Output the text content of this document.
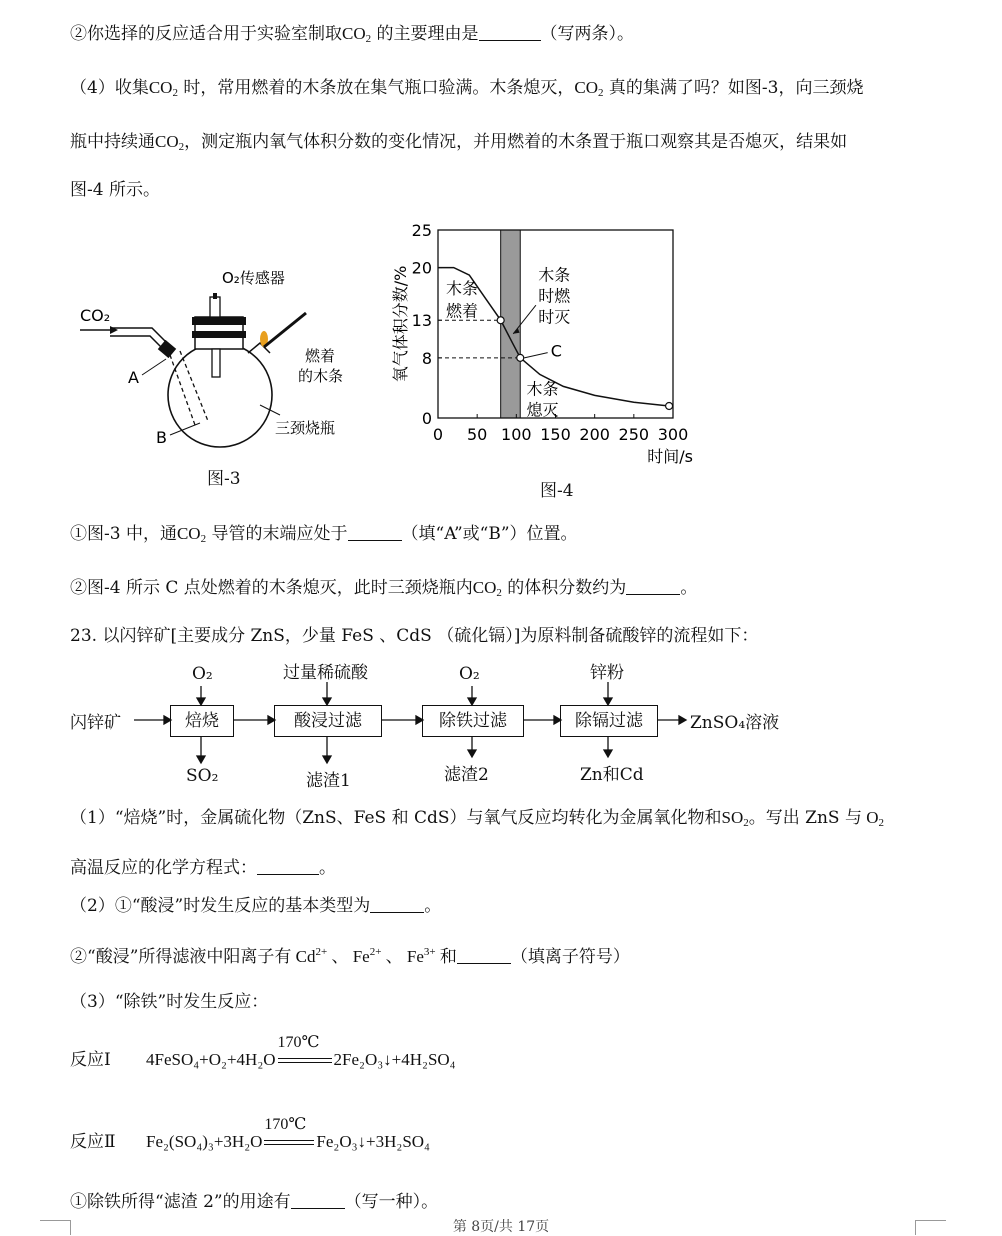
②你选择的反应适合用于实验室制取$CO_2$ 的主要理由是	（写两条）。
（4）收集$CO_2$ 时，常用燃着的木条放在集气瓶口验满。木条熄灭，$CO_2$ 真的集满了吗？如图-3，向三颈烧
瓶中持续通$CO_2$，测定瓶内氧气体积分数的变化情况，并用燃着的木条置于瓶口观察其是否熄灭，结果如
图-4 所示。
CO₂
O₂传感器
燃着
的木条
A
B	三颈烧瓶
图-3
0 50 100 150 200 250 300
0
8
13
20
25
时间/s
氧气体积分数/% 木条
燃着
木条
时燃
时灭
C
木条
熄灭
图-4
①图-3 中，通$CO_2$ 导管的末端应处于	（填“A”或“B”）位置。
②图-4 所示 C 点处燃着的木条熄灭，此时三颈烧瓶内$CO_2$ 的体积分数约为	。
23. 以闪锌矿[主要成分 ZnS，少量 FeS 、CdS （硫化镉）]为原料制备硫酸锌的流程如下：
闪锌矿	ZnSO₄溶液
焙烧	酸浸过滤	除铁过滤	除镉过滤
O₂	过量稀硫酸	O₂	锌粉
SO₂	滤渣1	滤渣2	Zn和Cd
（1）“焙烧”时，金属硫化物（ZnS、FeS 和 CdS）与氧气反应均转化为金属氧化物和$SO_2$。写出 ZnS 与 $O_2$
高温反应的化学方程式：	。
（2）①“酸浸”时发生反应的基本类型为	。
②“酸浸”所得滤液中阳离子有 $Cd^{2+}$ 、 $Fe^{2+}$ 、 $Fe^{3+}$ 和	（填离子符号）
（3）“除铁”时发生反应：
反应Ⅰ 4FeSO₄+O₂+4H₂O
170℃
2Fe₂O₃↓+4H₂SO₄
反应Ⅱ Fe₂(SO₄)₃+3H₂O
170℃
Fe₂O₃↓+3H₂SO₄
①除铁所得“滤渣 2”的用途有	（写一种）。
第 8页/共 17页
